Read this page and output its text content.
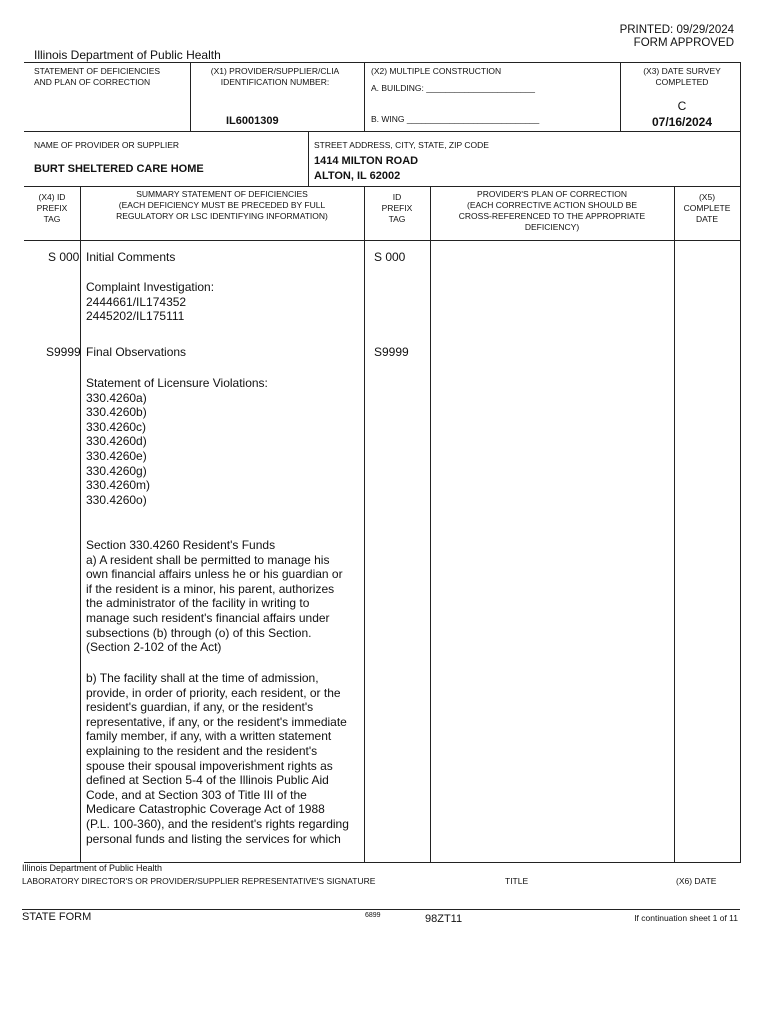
PRINTED: 09/29/2024
FORM APPROVED
Illinois Department of Public Health
STATEMENT OF DEFICIENCIES
AND PLAN OF CORRECTION
(X1) PROVIDER/SUPPLIER/CLIA
IDENTIFICATION NUMBER:
IL6001309
(X2) MULTIPLE CONSTRUCTION
A. BUILDING: _______________________
B. WING ____________________________
(X3) DATE SURVEY
COMPLETED
C
07/16/2024
NAME OF PROVIDER OR SUPPLIER
BURT SHELTERED CARE HOME
STREET ADDRESS, CITY, STATE, ZIP CODE
1414 MILTON ROAD
ALTON, IL 62002
(X4) ID
PREFIX
TAG
SUMMARY STATEMENT OF DEFICIENCIES
(EACH DEFICIENCY MUST BE PRECEDED BY FULL
REGULATORY OR LSC IDENTIFYING INFORMATION)
ID
PREFIX
TAG
PROVIDER'S PLAN OF CORRECTION
(EACH CORRECTIVE ACTION SHOULD BE
CROSS-REFERENCED TO THE APPROPRIATE
DEFICIENCY)
(X5)
COMPLETE
DATE
S 000 Initial Comments	S 000
Complaint Investigation:
2444661/IL174352
2445202/IL175111
S9999 Final Observations	S9999
Statement of Licensure Violations:
330.4260a)
330.4260b)
330.4260c)
330.4260d)
330.4260e)
330.4260g)
330.4260m)
330.4260o)
Section 330.4260 Resident's Funds
a) A resident shall be permitted to manage his
own financial affairs unless he or his guardian or
if the resident is a minor, his parent, authorizes
the administrator of the facility in writing to
manage such resident's financial affairs under
subsections (b) through (o) of this Section.
(Section 2-102 of the Act)
b) The facility shall at the time of admission,
provide, in order of priority, each resident, or the
resident's guardian, if any, or the resident's
representative, if any, or the resident's immediate
family member, if any, with a written statement
explaining to the resident and the resident's
spouse their spousal impoverishment rights as
defined at Section 5-4 of the Illinois Public Aid
Code, and at Section 303 of Title III of the
Medicare Catastrophic Coverage Act of 1988
(P.L. 100-360), and the resident's rights regarding
personal funds and listing the services for which
Illinois Department of Public Health
LABORATORY DIRECTOR'S OR PROVIDER/SUPPLIER REPRESENTATIVE'S SIGNATURE	TITLE	(X6) DATE
STATE FORM	6899	98ZT11	If continuation sheet 1 of 11
